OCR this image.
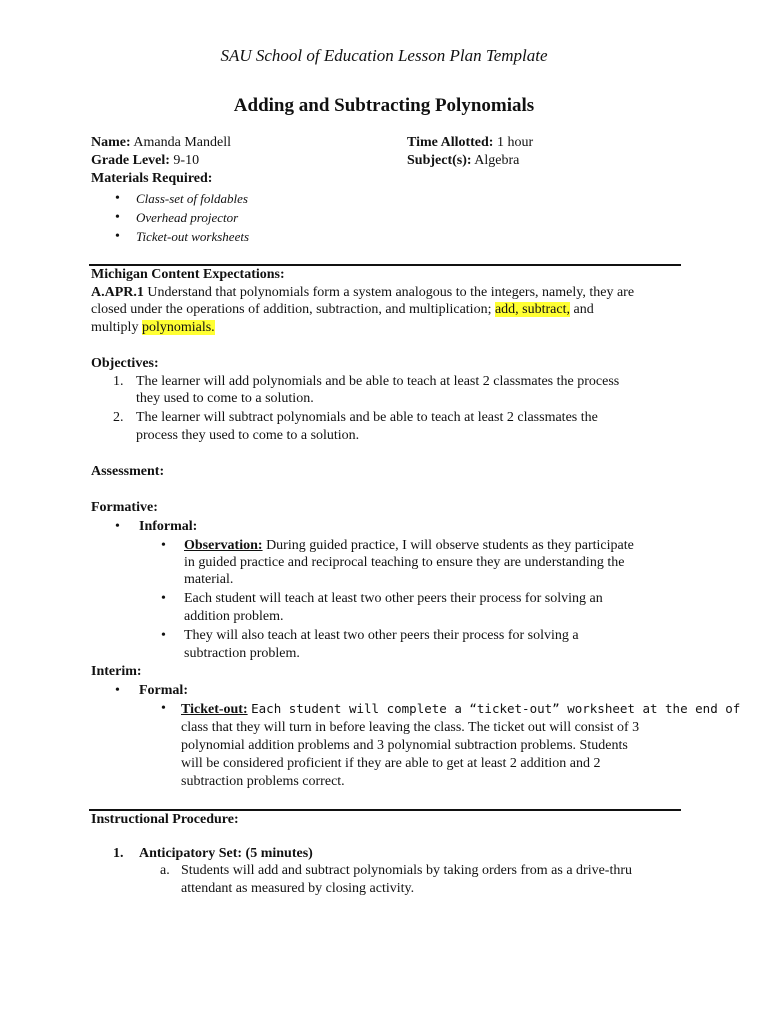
SAU School of Education Lesson Plan Template
Adding and Subtracting Polynomials
Name: Amanda Mandell
Grade Level: 9-10
Time Allotted: 1 hour
Subject(s): Algebra
Materials Required:
• Class-set of foldables
• Overhead projector
• Ticket-out worksheets
Michigan Content Expectations:
A.APR.1 Understand that polynomials form a system analogous to the integers, namely, they are
closed under the operations of addition, subtraction, and multiplication; add, subtract, and
multiply polynomials.
Objectives:
1. The learner will add polynomials and be able to teach at least 2 classmates the process
they used to come to a solution.
2. The learner will subtract polynomials and be able to teach at least 2 classmates the
process they used to come to a solution.
Assessment:
Formative:
• Informal:
• Observation: During guided practice, I will observe students as they participate
in guided practice and reciprocal teaching to ensure they are understanding the
material.
• Each student will teach at least two other peers their process for solving an
addition problem.
• They will also teach at least two other peers their process for solving a
subtraction problem.
Interim:
• Formal:
• Ticket-out: Each student will complete a “ticket-out” worksheet at the end of
class that they will turn in before leaving the class. The ticket out will consist of 3
polynomial addition problems and 3 polynomial subtraction problems. Students
will be considered proficient if they are able to get at least 2 addition and 2
subtraction problems correct.
Instructional Procedure:
1. Anticipatory Set: (5 minutes)
a. Students will add and subtract polynomials by taking orders from as a drive-thru
attendant as measured by closing activity.
